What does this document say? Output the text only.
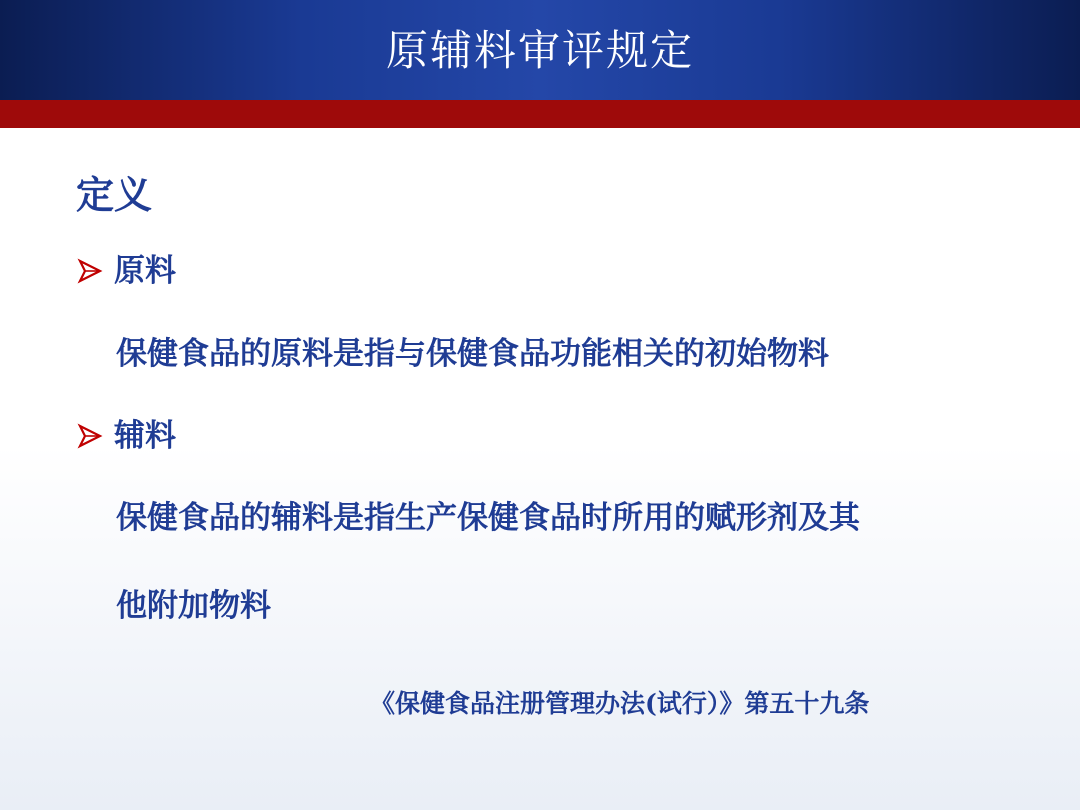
原辅料审评规定
定义
原料
保健食品的原料是指与保健食品功能相关的初始物料
辅料
保健食品的辅料是指生产保健食品时所用的赋形剂及其
他附加物料
《保健食品注册管理办法(试行）》第五十九条
